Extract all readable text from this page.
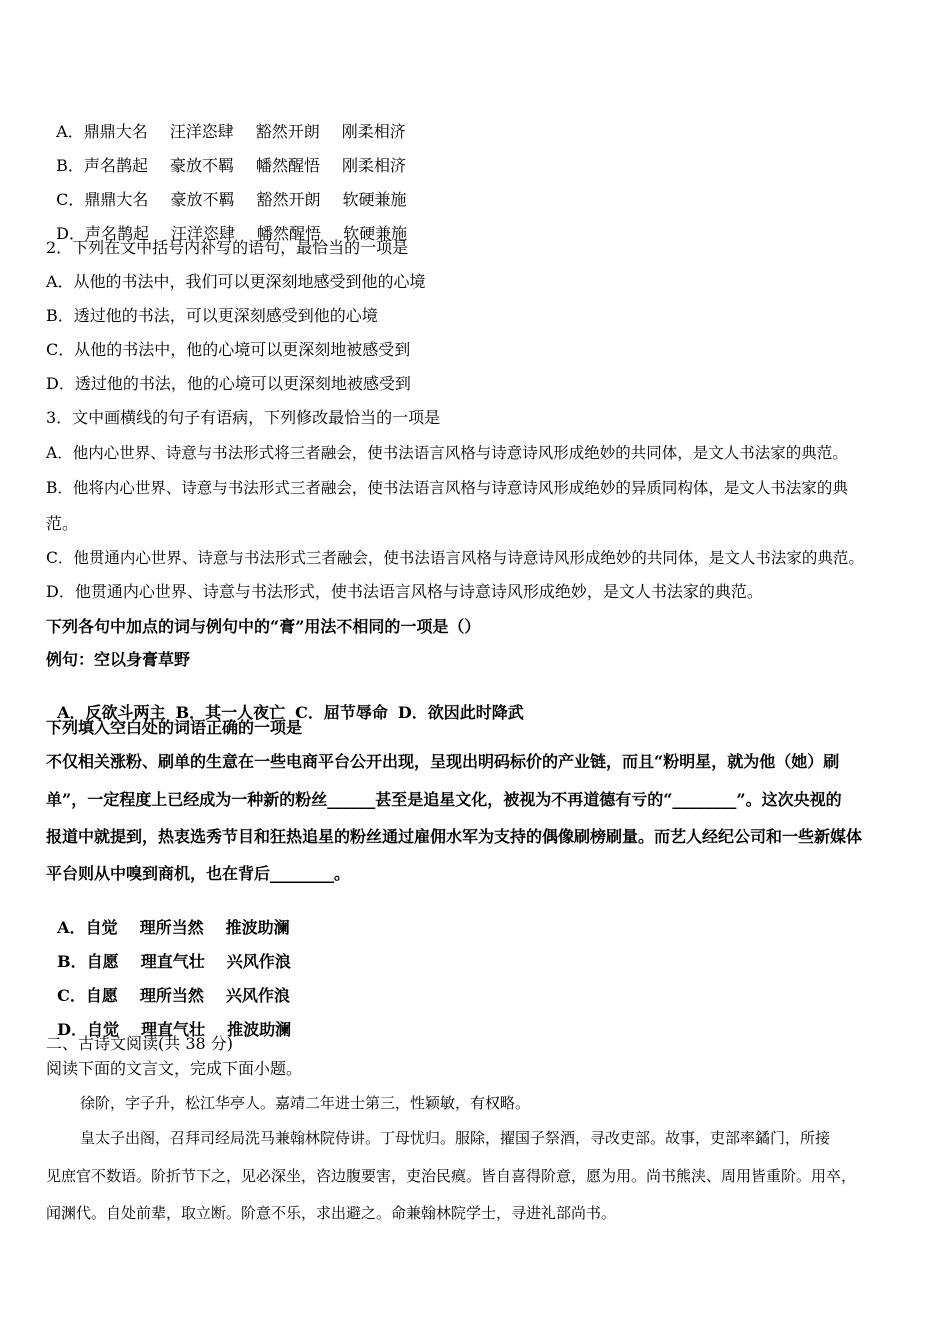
A．鼎鼎大名 汪洋恣肆 豁然开朗 刚柔相济

B．声名鹊起 豪放不羁 幡然醒悟 刚柔相济

C．鼎鼎大名 豪放不羁 豁然开朗 软硬兼施

D．声名鹊起 汪洋恣肆 幡然醒悟 软硬兼施

2．下列在文中括号内补写的语句，最恰当的一项是
A．从他的书法中，我们可以更深刻地感受到他的心境
B．透过他的书法，可以更深刻感受到他的心境
C．从他的书法中，他的心境可以更深刻地被感受到
D．透过他的书法，他的心境可以更深刻地被感受到
3．文中画横线的句子有语病，下列修改最恰当的一项是
A．他内心世界、诗意与书法形式将三者融会，使书法语言风格与诗意诗风形成绝妙的共同体，是文人书法家的典范。
B．他将内心世界、诗意与书法形式三者融会，使书法语言风格与诗意诗风形成绝妙的异质同构体，是文人书法家的典
范。
C．他贯通内心世界、诗意与书法形式三者融会，使书法语言风格与诗意诗风形成绝妙的共同体，是文人书法家的典范。
D．他贯通内心世界、诗意与书法形式，使书法语言风格与诗意诗风形成绝妙，是文人书法家的典范。
下列各句中加点的词与例句中的“膏”用法不相同的一项是（）
例句：空以身膏草野

A．反欲斗两主 B．其一人夜亡 C．屈节辱命 D．欲因此时降武

下列填入空白处的词语正确的一项是
不仅相关涨粉、刷单的生意在一些电商平台公开出现，呈现出明码标价的产业链，而且“粉明星，就为他（她）刷
单”，一定程度上已经成为一种新的粉丝______甚至是追星文化，被视为不再道德有亏的“________”。这次央视的
报道中就提到，热衷选秀节目和狂热追星的粉丝通过雇佣水军为支持的偶像刷榜刷量。而艺人经纪公司和一些新媒体
平台则从中嗅到商机，也在背后________。

A．自觉 理所当然 推波助澜

B．自愿 理直气壮 兴风作浪

C．自愿 理所当然 兴风作浪

D．自觉 理直气壮 推波助澜

二、古诗文阅读(共 38 分)
阅读下面的文言文，完成下面小题。
徐阶，字子升，松江华亭人。嘉靖二年进士第三，性颖敏，有权略。
皇太子出阁，召拜司经局洗马兼翰林院侍讲。丁母忧归。服除，擢国子祭酒，寻改吏部。故事，吏部率鐍门，所接
见庶官不数语。阶折节下之，见必深坐，咨边腹要害，吏治民瘼。皆自喜得阶意，愿为用。尚书熊浃、周用皆重阶。用卒，
闻渊代。自处前辈，取立断。阶意不乐，求出避之。命兼翰林院学士，寻进礼部尚书。
